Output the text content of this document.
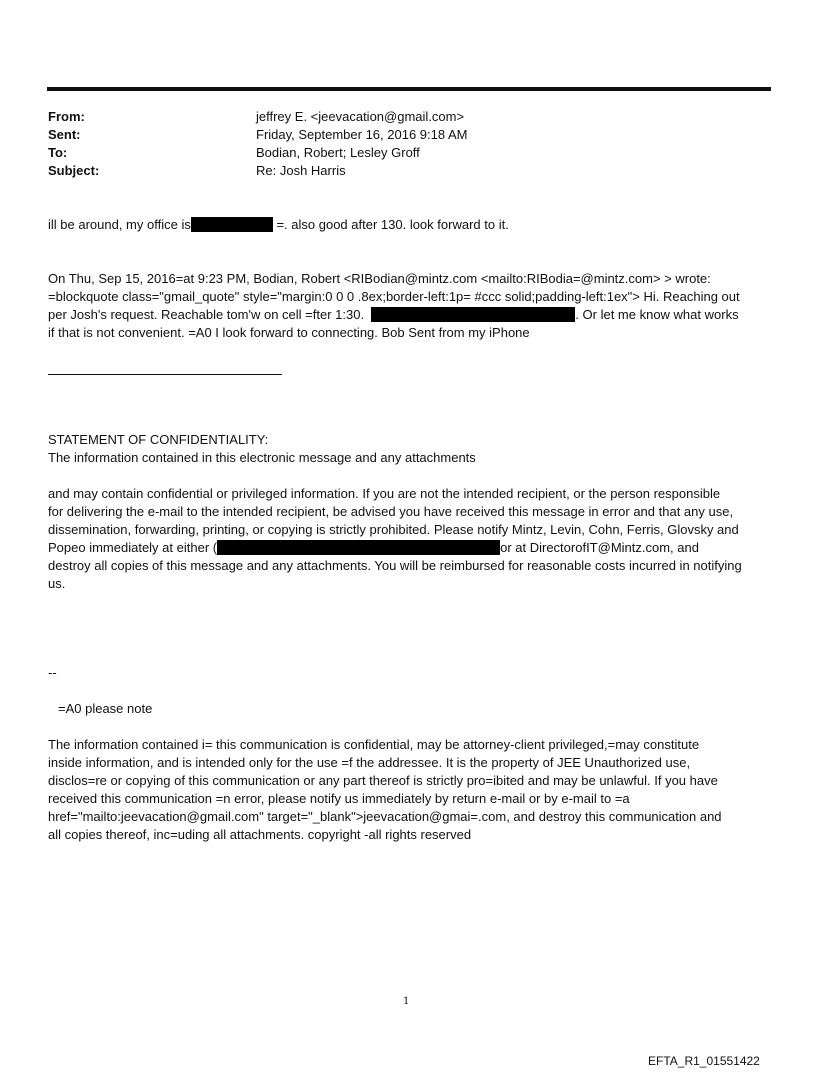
From:	jeffrey E. <jeevacation@gmail.com>
Sent:	Friday, September 16, 2016 9:18 AM
To:	Bodian, Robert; Lesley Groff
Subject:	Re: Josh Harris
ill be around, my office is	=. also good after 130. look forward to it.
On Thu, Sep 15, 2016=at 9:23 PM, Bodian, Robert <RIBodian@mintz.com <mailto:RIBodia=@mintz.com> > wrote:
=blockquote class="gmail_quote" style="margin:0 0 0 .8ex;border-left:1p= #ccc solid;padding-left:1ex"> Hi. Reaching out
per Josh's request. Reachable tom'w on cell =fter 1:30.	. Or let me know what works
if that is not convenient. =A0 I look forward to connecting. Bob Sent from my iPhone
STATEMENT OF CONFIDENTIALITY:
The information contained in this electronic message and any attachments
and may contain confidential or privileged information. If you are not the intended recipient, or the person responsible
for delivering the e-mail to the intended recipient, be advised you have received this message in error and that any use,
dissemination, forwarding, printing, or copying is strictly prohibited. Please notify Mintz, Levin, Cohn, Ferris, Glovsky and
Popeo immediately at either (	or at DirectorofIT@Mintz.com, and
destroy all copies of this message and any attachments. You will be reimbursed for reasonable costs incurred in notifying
us.
--
=A0 please note
The information contained i= this communication is confidential, may be attorney-client privileged,=may constitute
inside information, and is intended only for the use =f the addressee. It is the property of JEE Unauthorized use,
disclos=re or copying of this communication or any part thereof is strictly pro=ibited and may be unlawful. If you have
received this communication =n error, please notify us immediately by return e-mail or by e-mail to =a
href="mailto:jeevacation@gmail.com" target="_blank">jeevacation@gmai=.com, and destroy this communication and
all copies thereof, inc=uding all attachments. copyright -all rights reserved
1
EFTA_R1_01551422
